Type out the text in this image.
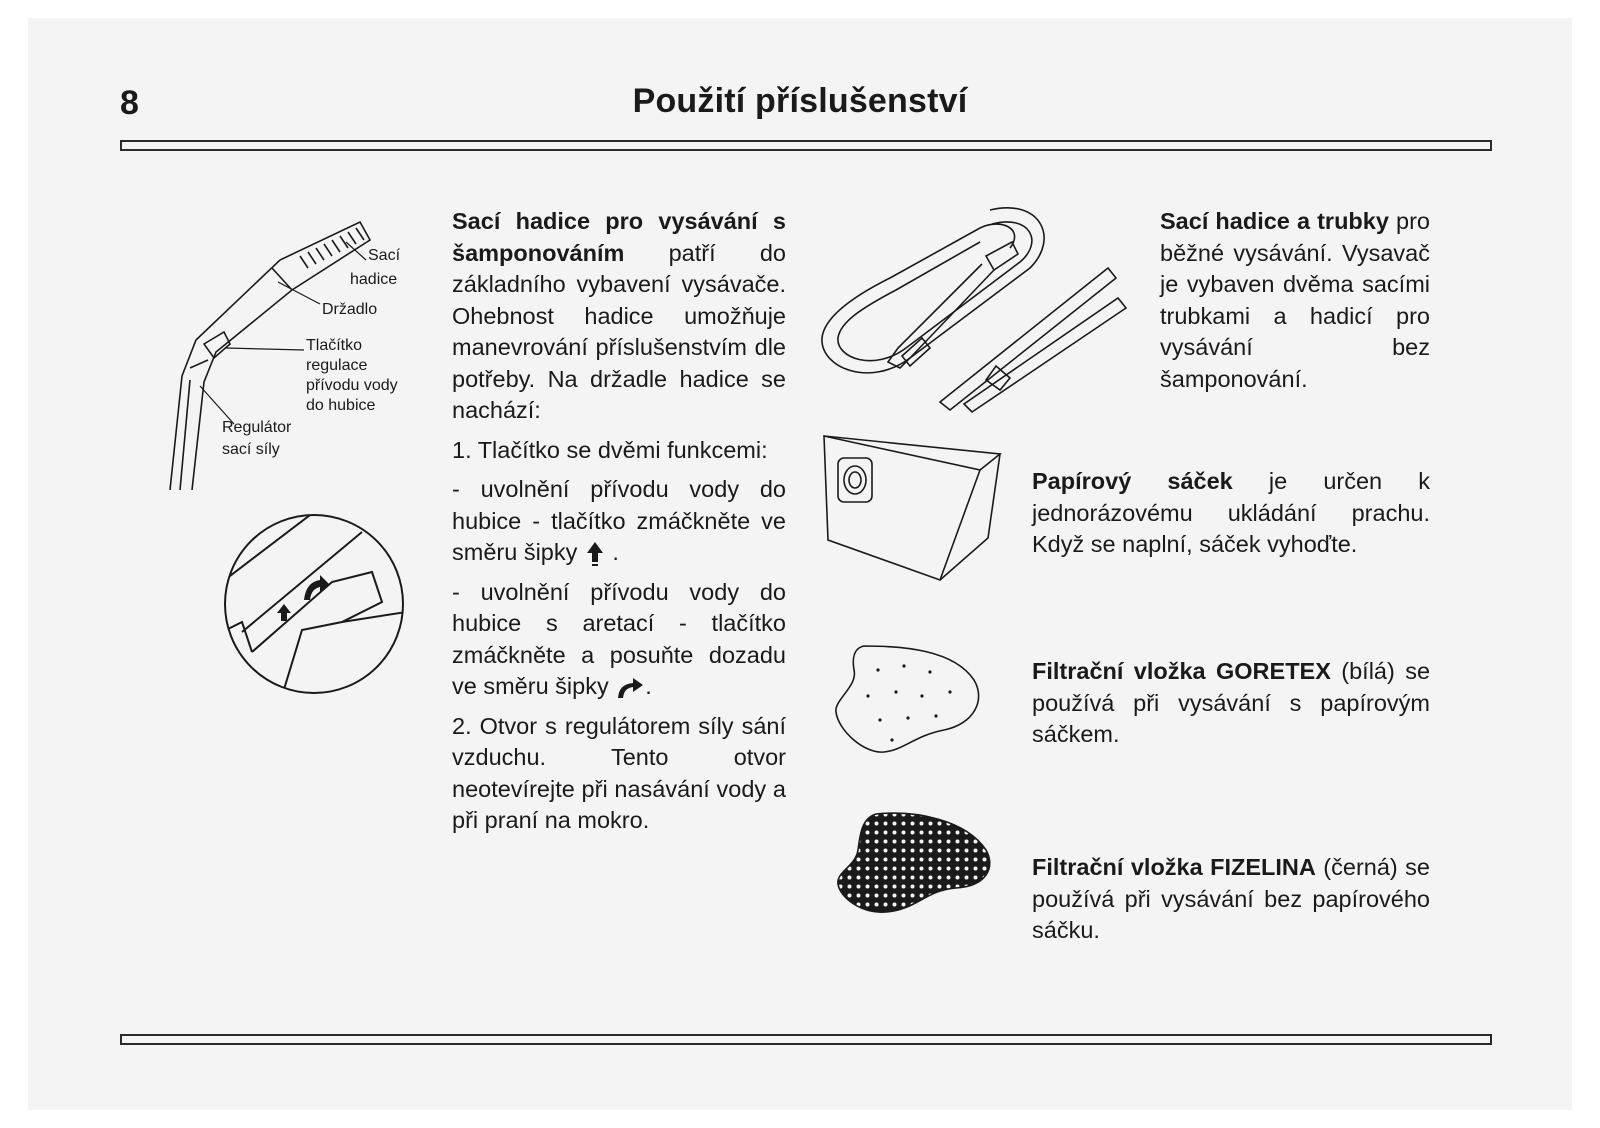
8	Použití příslušenství
Sací
hadice
Držadlo
Tlačítko
regulace
přívodu vody
do hubice
Regulátor
sací síly

Sací hadice pro vysávání s šamponováním patří do základního vybavení vysávače. Ohebnost hadice umožňuje manevrování příslušenstvím dle potřeby. Na držadle hadice se nachází:

1. Tlačítko se dvěmi funkcemi:

- uvolnění přívodu vody do hubice - tlačítko zmáčkněte ve směru šipky  .

- uvolnění přívodu vody do hubice s aretací - tlačítko zmáčkněte a posuňte dozadu ve směru šipky .

2. Otvor s regulátorem síly sání vzduchu. Tento otvor neotevírejte při nasávání vody a při praní na mokro.

Sací hadice a trubky pro běžné vysávání. Vysavač je vybaven dvěma sacími trubkami a hadicí pro vysávání bez šamponování.

Papírový sáček je určen k jednorázovému ukládání prachu. Když se naplní, sáček vyhoďte.

Filtrační vložka GORETEX (bílá) se používá při vysávání s papírovým sáčkem.

Filtrační vložka FIZELINA (černá) se používá při vysávání bez papírového sáčku.
